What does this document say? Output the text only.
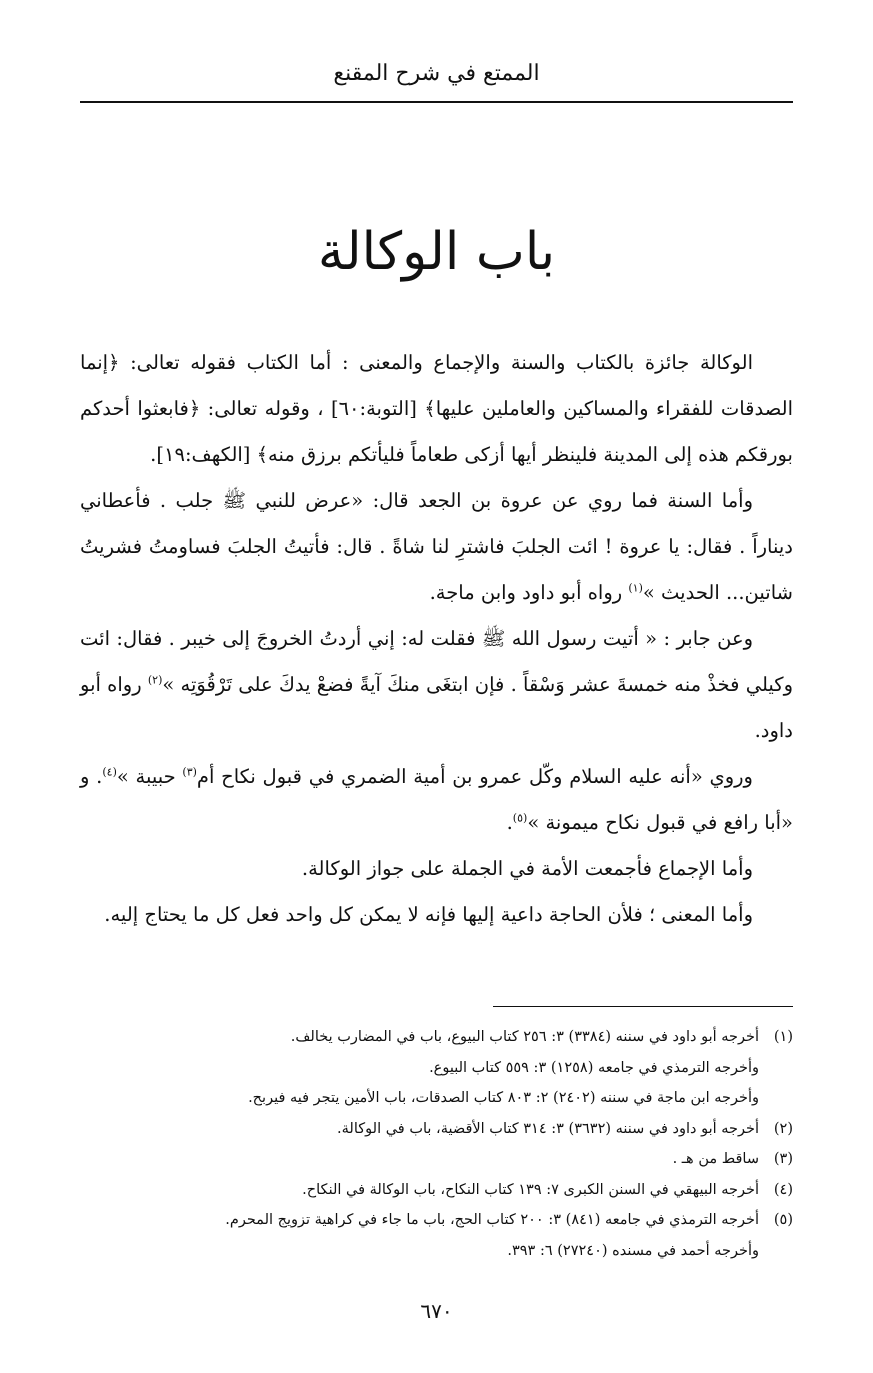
الممتع في شرح المقنع
باب الوكالة

الوكالة جائزة بالكتاب والسنة والإجماع والمعنى : أما الكتاب فقوله تعالى: ﴿إنما الصدقات للفقراء والمساكين والعاملين عليها﴾ [التوبة:٦٠] ، وقوله تعالى: ﴿فابعثوا أحدكم بورقكم هذه إلى المدينة فلينظر أيها أزكى طعاماً فليأتكم برزق منه﴾ [الكهف:١٩].

وأما السنة فما روي عن عروة بن الجعد قال: «عرض للنبي ﷺ جلب . فأعطاني ديناراً . فقال: يا عروة ! ائت الجلبَ فاشترِ لنا شاةً . قال: فأتيتُ الجلبَ فساومتُ فشريتُ شاتين... الحديث »$^{(١)}$ رواه أبو داود وابن ماجة.

وعن جابر : « أتيت رسول الله ﷺ فقلت له: إني أردتُ الخروجَ إلى خيبر . فقال: ائت وكيلي فخذْ منه خمسةَ عشر وَسْقاً . فإن ابتغَى منكَ آيةً فضعْ يدكَ على تَرْقُوَتِه »$^{(٢)}$ رواه أبو داود.

وروي «أنه عليه السلام وكّل عمرو بن أمية الضمري في قبول نكاح أم$^{(٣)}$ حبيبة »$^{(٤)}$. و «أبا رافع في قبول نكاح ميمونة »$^{(٥)}$.

وأما الإجماع فأجمعت الأمة في الجملة على جواز الوكالة.

وأما المعنى ؛ فلأن الحاجة داعية إليها فإنه لا يمكن كل واحد فعل كل ما يحتاج إليه.

(١)أخرجه أبو داود في سننه (٣٣٨٤) ٣: ٢٥٦ كتاب البيوع، باب في المضارب يخالف.
وأخرجه الترمذي في جامعه (١٢٥٨) ٣: ٥٥٩ كتاب البيوع.
وأخرجه ابن ماجة في سننه (٢٤٠٢) ٢: ٨٠٣ كتاب الصدقات، باب الأمين يتجر فيه فيربح.
(٢)أخرجه أبو داود في سننه (٣٦٣٢) ٣: ٣١٤ كتاب الأقضية، باب في الوكالة.
(٣)ساقط من هـ .
(٤)أخرجه البيهقي في السنن الكبرى ٧: ١٣٩ كتاب النكاح، باب الوكالة في النكاح.
(٥)أخرجه الترمذي في جامعه (٨٤١) ٣: ٢٠٠ كتاب الحج، باب ما جاء في كراهية تزويج المحرم.
وأخرجه أحمد في مسنده (٢٧٢٤٠) ٦: ٣٩٣.
٦٧٠
